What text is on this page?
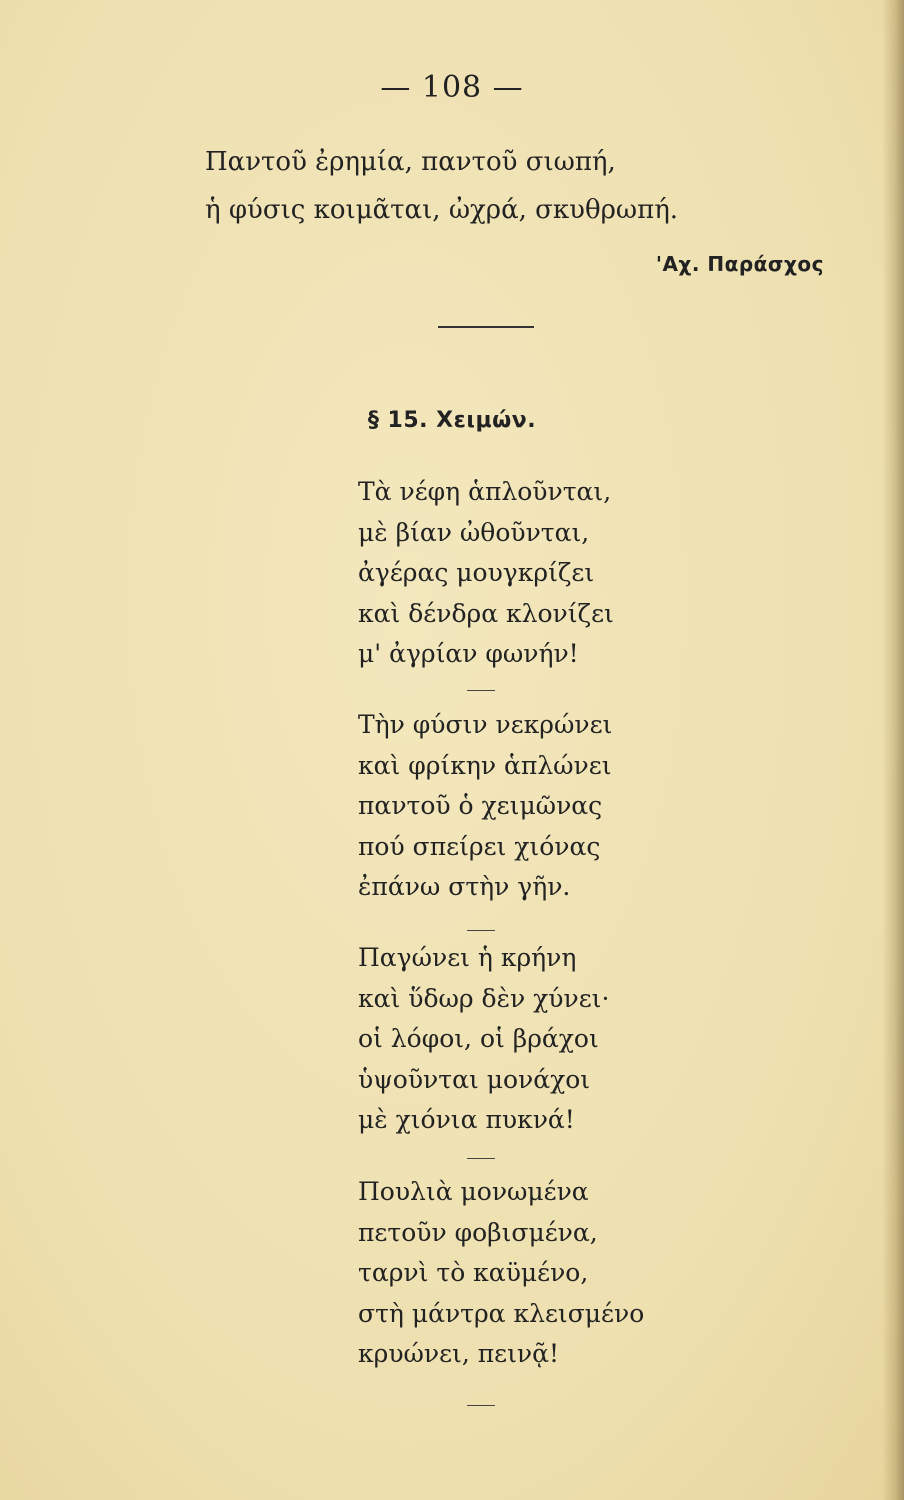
— 108 —
Παντοῦ ἐρημία, παντοῦ σιωπή,
ἡ φύσις κοιμᾶται, ὠχρά, σκυθρωπή.
'Αχ. Παράσχος
§ 15. Χειμών.
Τὰ νέφη ἁπλοῦνται,
μὲ βίαν ὠθοῦνται,
ἀγέρας μουγκρίζει
καὶ δένδρα κλονίζει
μ' ἀγρίαν φωνήν!
Τὴν φύσιν νεκρώνει
καὶ φρίκην ἁπλώνει
παντοῦ ὁ χειμῶνας
πού σπείρει χιόνας
ἐπάνω στὴν γῆν.
Παγώνει ἡ κρήνη
καὶ ὕδωρ δὲν χύνει·
οἱ λόφοι, οἱ βράχοι
ὑψοῦνται μονάχοι
μὲ χιόνια πυκνά!
Πουλιὰ μονωμένα
πετοῦν φοβισμένα,
ταρνὶ τὸ καϋμένο,
στὴ μάντρα κλεισμένο
κρυώνει, πεινᾷ!
